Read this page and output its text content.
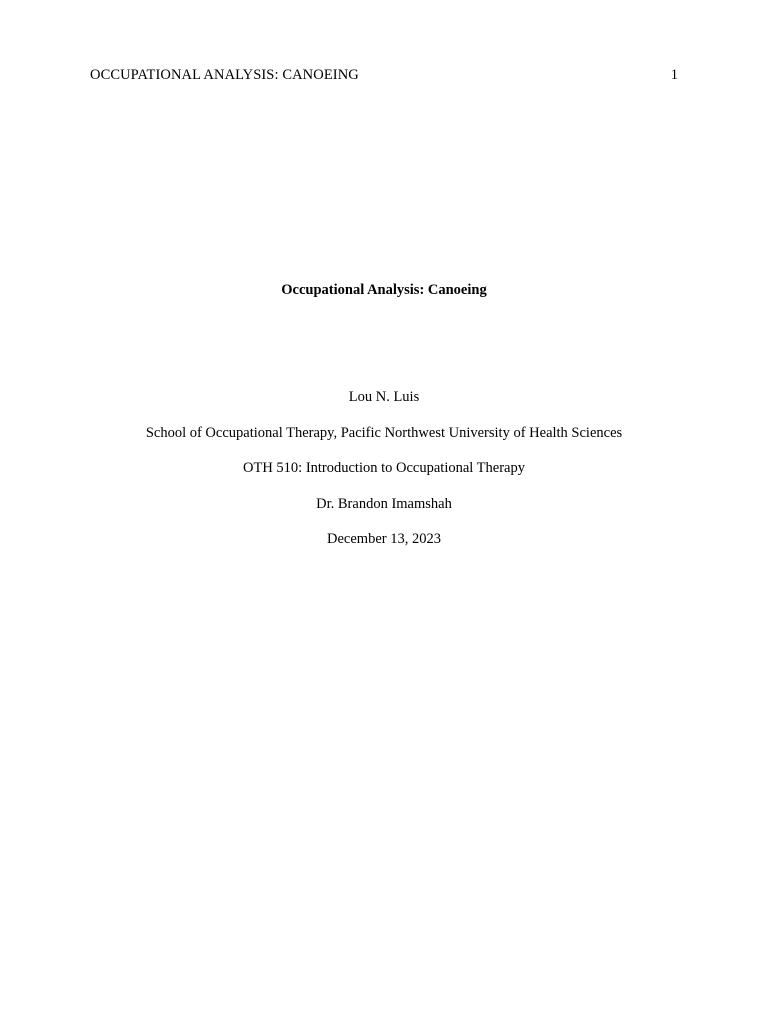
OCCUPATIONAL ANALYSIS: CANOEING	1
Occupational Analysis: Canoeing
Lou N. Luis
School of Occupational Therapy, Pacific Northwest University of Health Sciences
OTH 510: Introduction to Occupational Therapy
Dr. Brandon Imamshah
December 13, 2023
